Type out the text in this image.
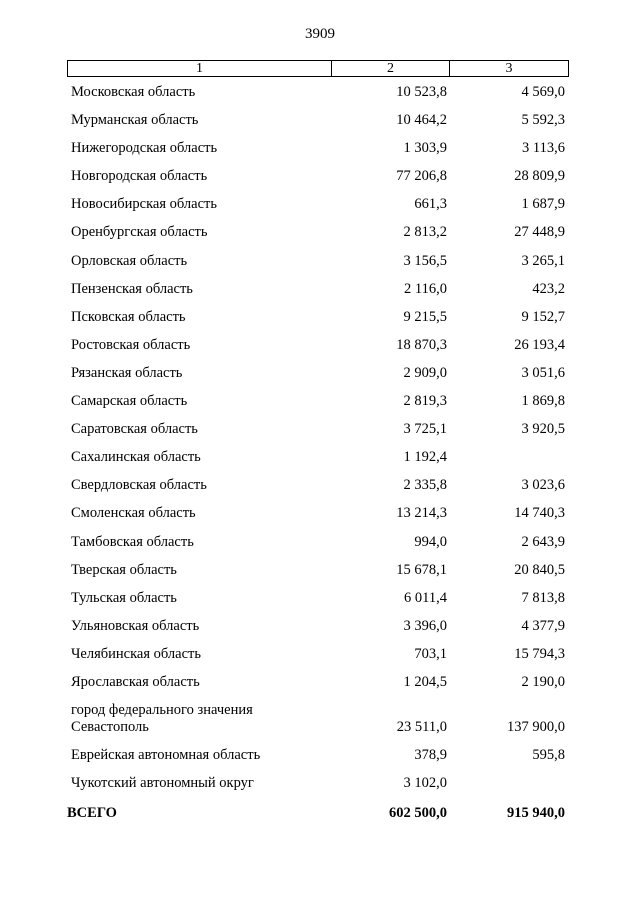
3909
1	2	3
Московская область	10 523,8	4 569,0
Мурманская область	10 464,2	5 592,3
Нижегородская область	1 303,9	3 113,6
Новгородская область	77 206,8	28 809,9
Новосибирская область	661,3	1 687,9
Оренбургская область	2 813,2	27 448,9
Орловская область	3 156,5	3 265,1
Пензенская область	2 116,0	423,2
Псковская область	9 215,5	9 152,7
Ростовская область	18 870,3	26 193,4
Рязанская область	2 909,0	3 051,6
Самарская область	2 819,3	1 869,8
Саратовская область	3 725,1	3 920,5
Сахалинская область	1 192,4
Свердловская область	2 335,8	3 023,6
Смоленская область	13 214,3	14 740,3
Тамбовская область	994,0	2 643,9
Тверская область	15 678,1	20 840,5
Тульская область	6 011,4	7 813,8
Ульяновская область	3 396,0	4 377,9
Челябинская область	703,1	15 794,3
Ярославская область	1 204,5	2 190,0
город федерального значения Севастополь	23 511,0	137 900,0
Еврейская автономная область	378,9	595,8
Чукотский автономный округ	3 102,0
ВСЕГО	602 500,0	915 940,0
